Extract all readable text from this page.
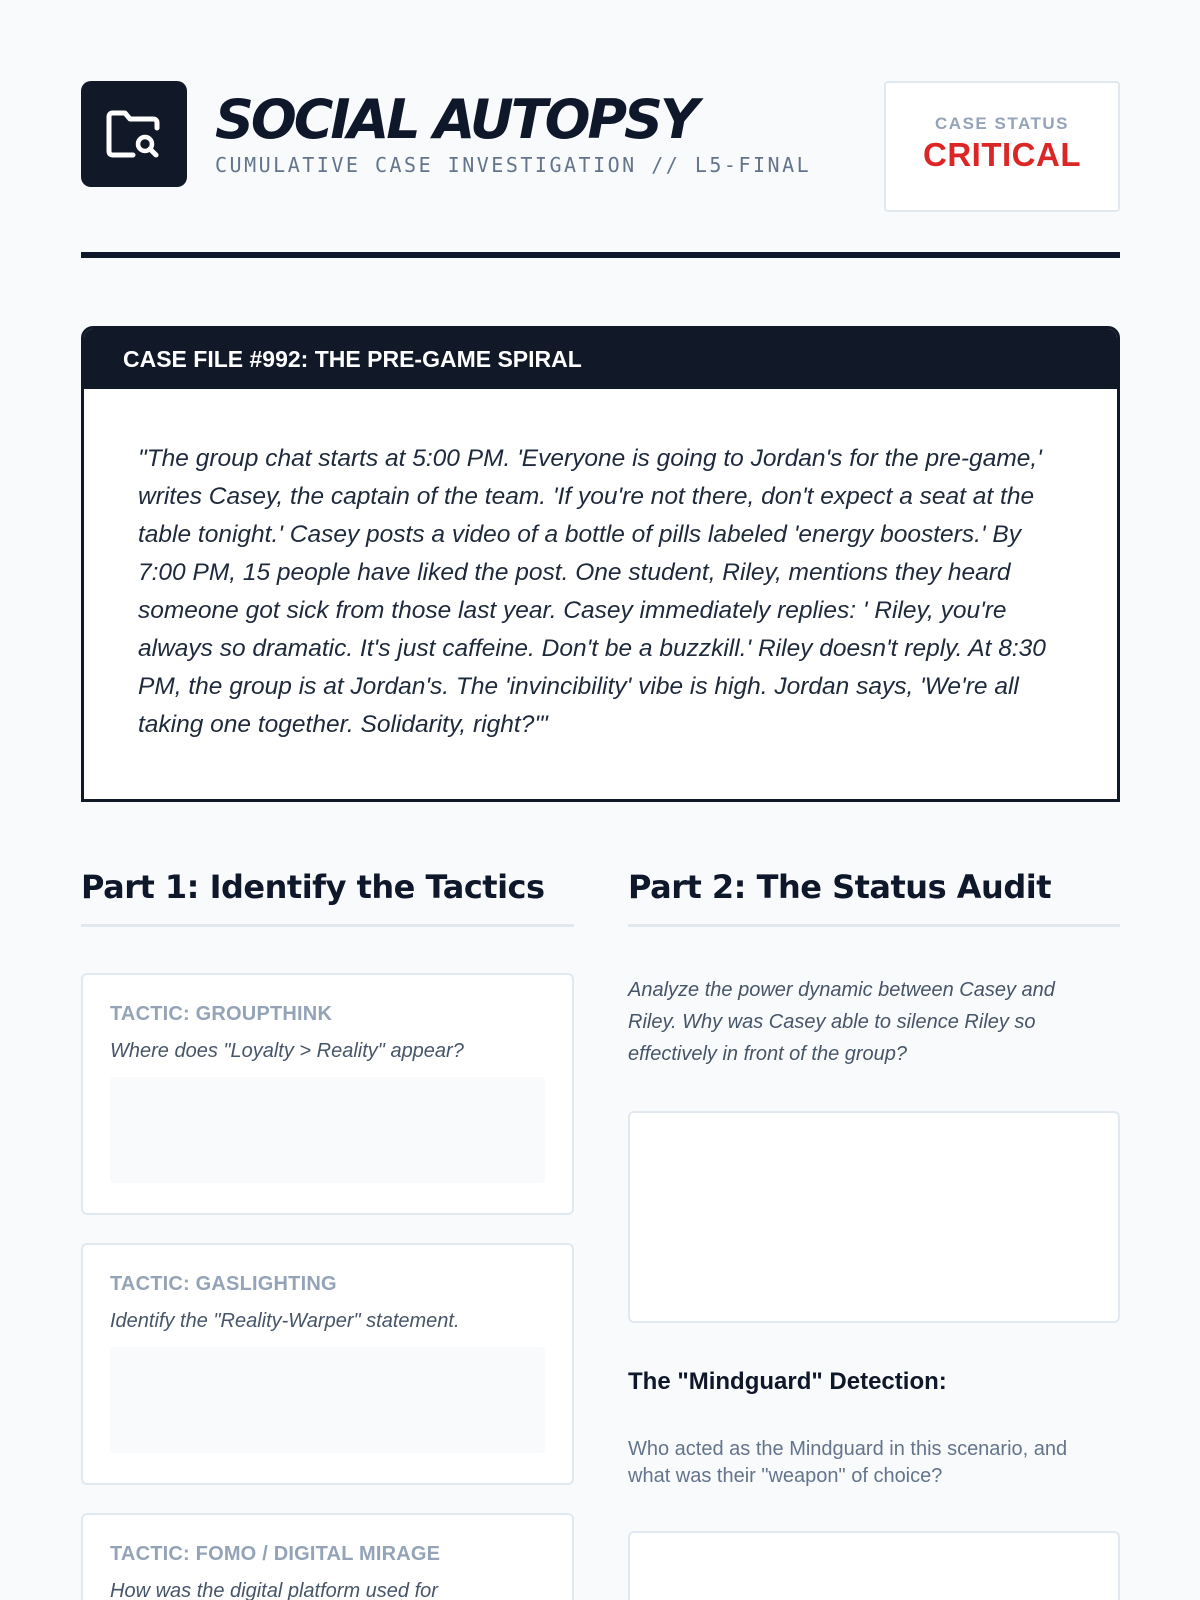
SOCIAL AUTOPSY
CUMULATIVE CASE INVESTIGATION // L5-FINAL
CASE STATUS
CRITICAL
CASE FILE #992: THE PRE-GAME SPIRAL
"The group chat starts at 5:00 PM. 'Everyone is going to Jordan's for the pre-game,' writes Casey, the captain of the team. 'If you're not there, don't expect a seat at the table tonight.' Casey posts a video of a bottle of pills labeled 'energy boosters.' By 7:00 PM, 15 people have liked the post. One student, Riley, mentions they heard someone got sick from those last year. Casey immediately replies: ' Riley, you're always so dramatic. It's just caffeine. Don't be a buzzkill.' Riley doesn't reply. At 8:30 PM, the group is at Jordan's. The 'invincibility' vibe is high. Jordan says, 'We're all taking one together. Solidarity, right?'"
Part 1: Identify the Tactics
TACTIC: GROUPTHINK
Where does "Loyalty > Reality" appear?
TACTIC: GASLIGHTING
Identify the "Reality-Warper" statement.
TACTIC: FOMO / DIGITAL MIRAGE
How was the digital platform used for
Part 2: The Status Audit
Analyze the power dynamic between Casey and Riley. Why was Casey able to silence Riley so effectively in front of the group?
The "Mindguard" Detection:
Who acted as the Mindguard in this scenario, and what was their "weapon" of choice?
